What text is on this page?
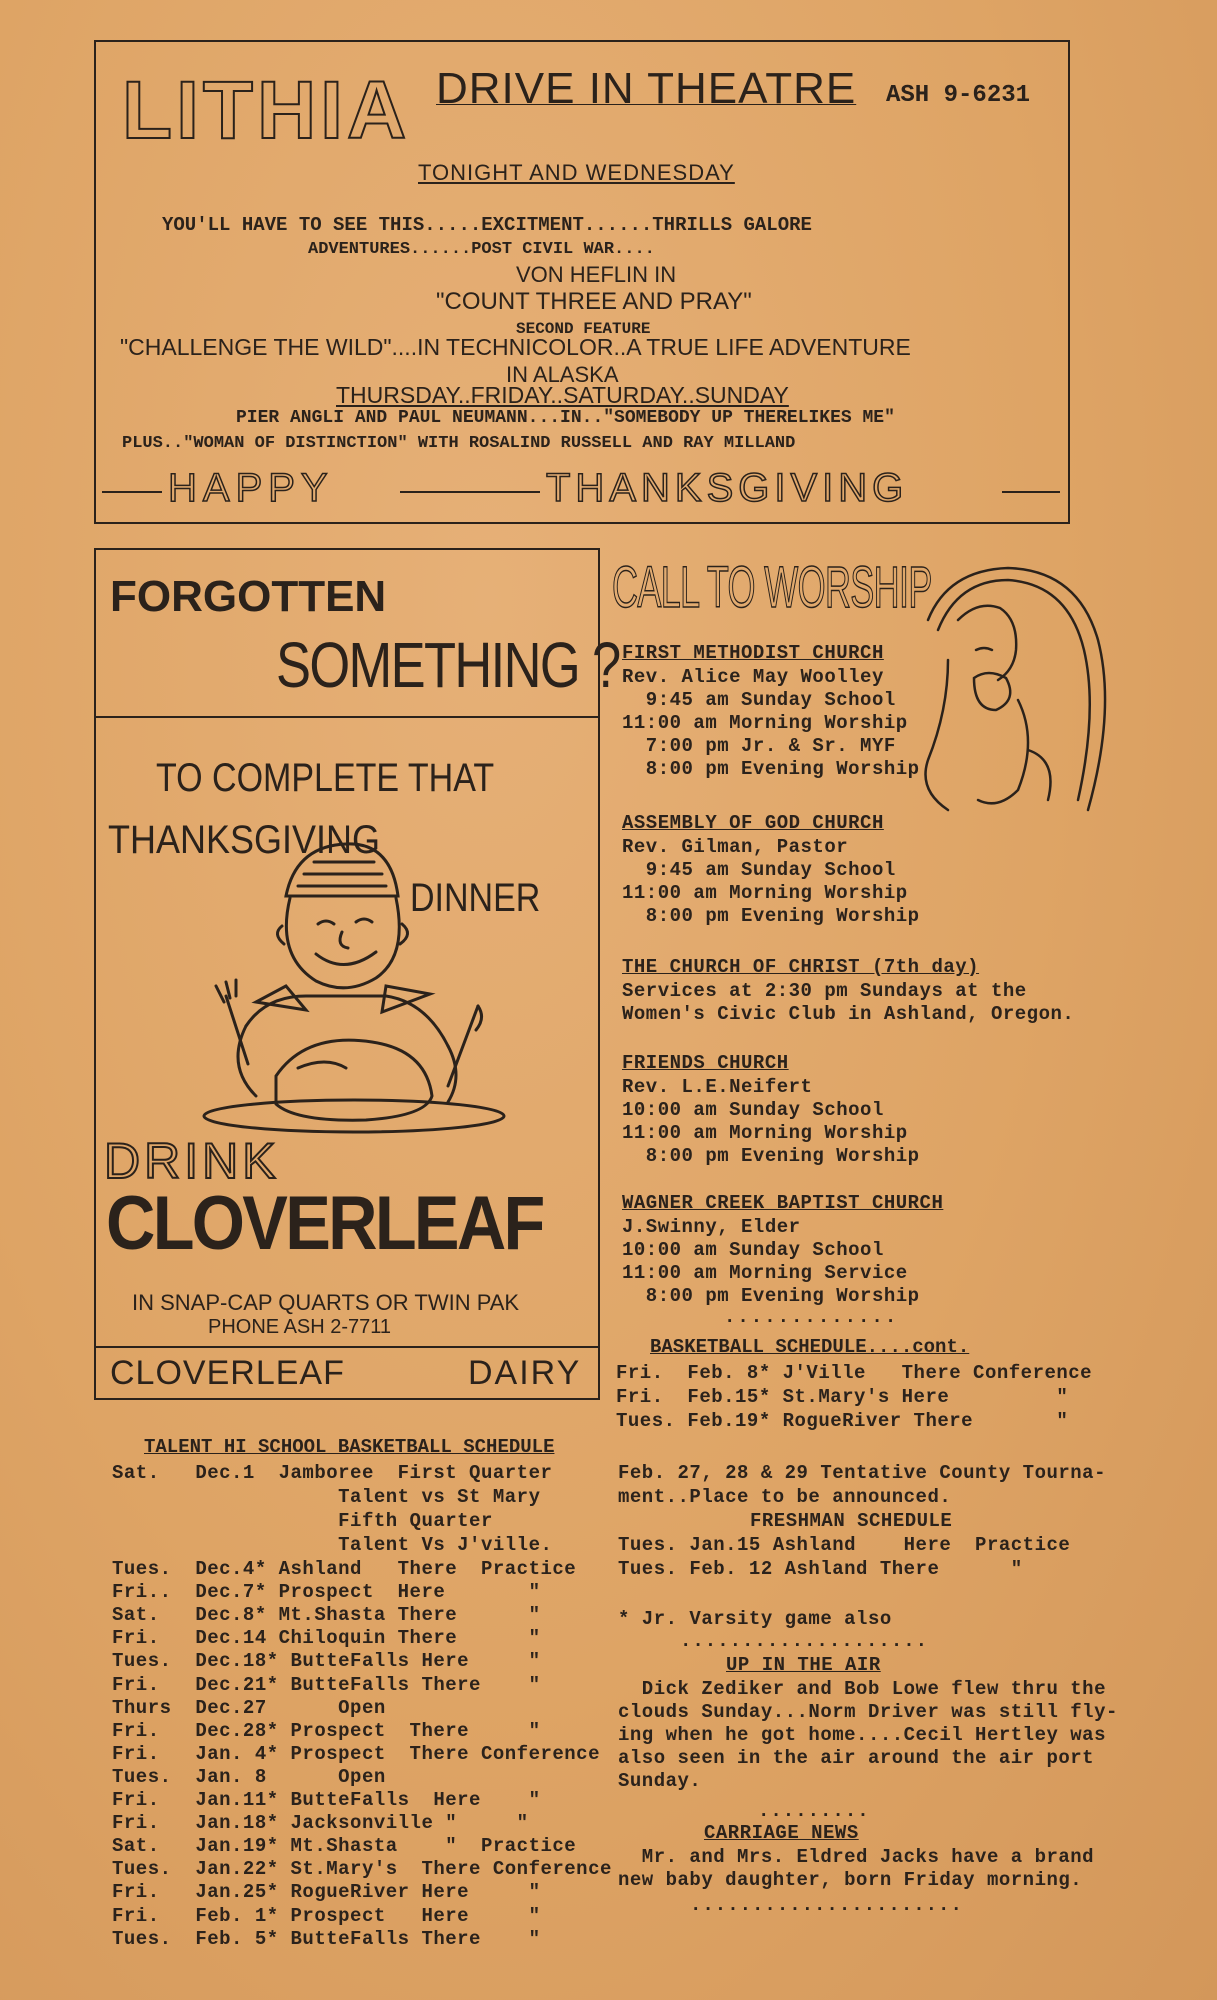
LITHIA DRIVE IN THEATRE ASH 9-6231
TONIGHT AND WEDNESDAY
YOU'LL HAVE TO SEE THIS.....EXCITMENT......THRILLS GALORE
ADVENTURES......POST CIVIL WAR....
VON HEFLIN IN
"COUNT THREE AND PRAY"
SECOND FEATURE
"CHALLENGE THE WILD"....IN TECHNICOLOR..A TRUE LIFE ADVENTURE
IN ALASKA
THURSDAY..FRIDAY..SATURDAY..SUNDAY
PIER ANGLI AND PAUL NEUMANN...IN.."SOMEBODY UP THERELIKES ME"
PLUS.."WOMAN OF DISTINCTION" WITH ROSALIND RUSSELL AND RAY MILLAND
HAPPY	THANKSGIVING
FORGOTTEN
SOMETHING ?
TO COMPLETE THAT
THANKSGIVING
DINNER
DRINK
CLOVERLEAF
IN SNAP-CAP QUARTS OR TWIN PAK
PHONE ASH 2-7711
CLOVERLEAF	DAIRY
CALL TO WORSHIP
FIRST METHODIST CHURCH
Rev. Alice May Woolley
9:45 am Sunday School
11:00 am Morning Worship
7:00 pm Jr. & Sr. MYF
8:00 pm Evening Worship
ASSEMBLY OF GOD CHURCH
Rev. Gilman, Pastor
9:45 am Sunday School
11:00 am Morning Worship
8:00 pm Evening Worship
THE CHURCH OF CHRIST (7th day)
Services at 2:30 pm Sundays at the
Women's Civic Club in Ashland, Oregon.
FRIENDS CHURCH
Rev. L.E.Neifert
10:00 am Sunday School
11:00 am Morning Worship
8:00 pm Evening Worship
WAGNER CREEK BAPTIST CHURCH
J.Swinny, Elder
10:00 am Sunday School
11:00 am Morning Service
8:00 pm Evening Worship
.............
BASKETBALL SCHEDULE....cont.
Fri.  Feb. 8* J'Ville   There Conference
Fri.  Feb.15* St.Mary's Here         "
Tues. Feb.19* RogueRiver There       "
TALENT HI SCHOOL BASKETBALL SCHEDULE
Sat.   Dec.1  Jamboree  First Quarter
Talent vs St Mary
Fifth Quarter
Talent Vs J'ville.
Tues.  Dec.4* Ashland   There  Practice
Fri..  Dec.7* Prospect  Here       "
Sat.   Dec.8* Mt.Shasta There      "
Fri.   Dec.14 Chiloquin There      "
Tues.  Dec.18* ButteFalls Here     "
Fri.   Dec.21* ButteFalls There    "
Thurs  Dec.27      Open
Fri.   Dec.28* Prospect  There     "
Fri.   Jan. 4* Prospect  There Conference
Tues.  Jan. 8      Open
Fri.   Jan.11* ButteFalls  Here    "
Fri.   Jan.18* Jacksonville "     "
Sat.   Jan.19* Mt.Shasta    "  Practice
Tues.  Jan.22* St.Mary's  There Conference
Fri.   Jan.25* RogueRiver Here     "
Fri.   Feb. 1* Prospect   Here     "
Tues.  Feb. 5* ButteFalls There    "
Feb. 27, 28 & 29 Tentative County Tourna-
ment..Place to be announced.
FRESHMAN SCHEDULE
Tues. Jan.15 Ashland    Here  Practice
Tues. Feb. 12 Ashland There      "
* Jr. Varsity game also
....................
UP IN THE AIR
Dick Zediker and Bob Lowe flew thru the
clouds Sunday...Norm Driver was still fly-
ing when he got home....Cecil Hertley was
also seen in the air around the air port
Sunday.
.........
CARRIAGE NEWS
Mr. and Mrs. Eldred Jacks have a brand
new baby daughter, born Friday morning.
......................
